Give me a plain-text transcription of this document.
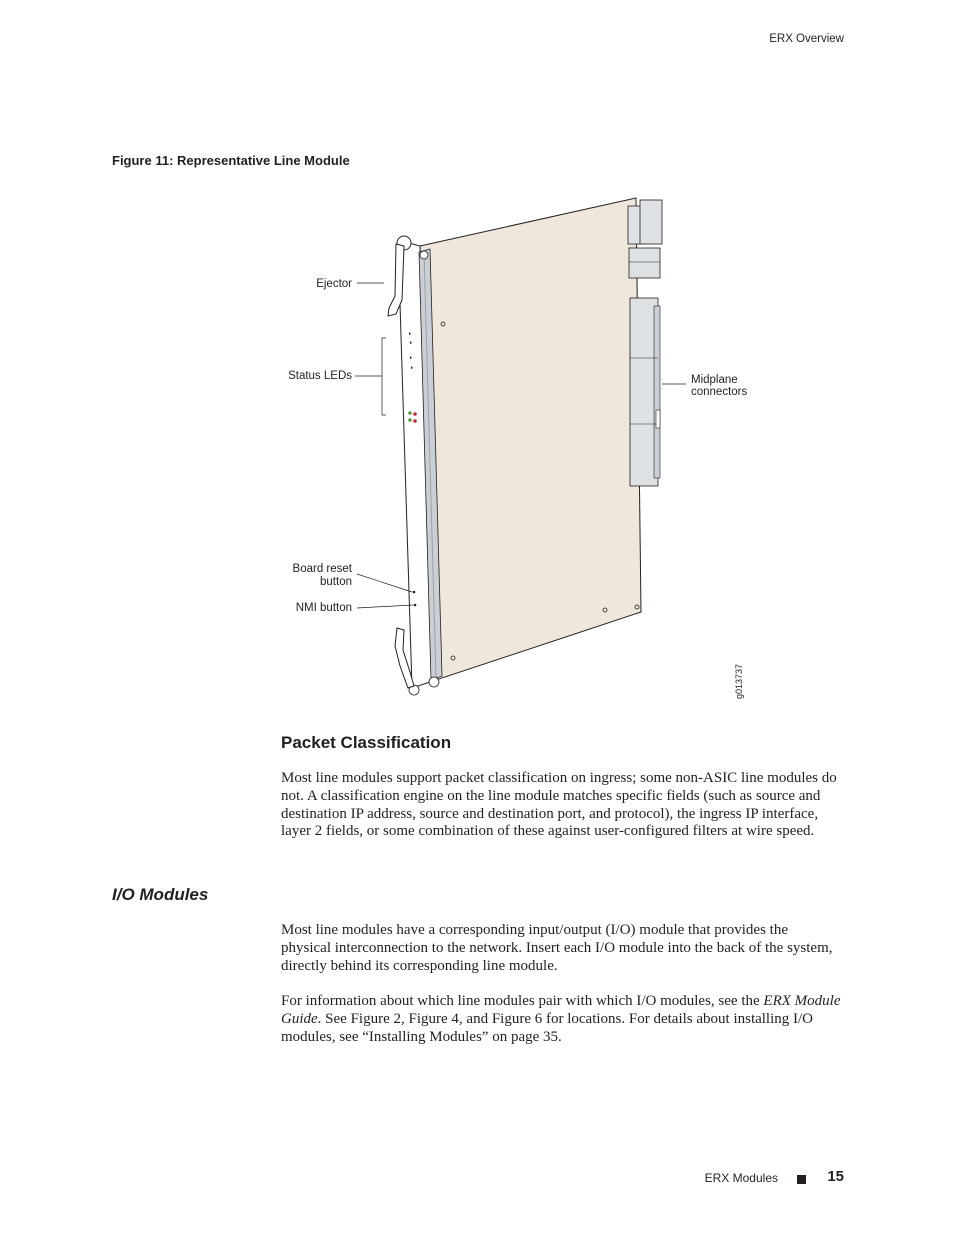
ERX Overview
Figure 11: Representative Line Module
Ejector
Status LEDs
Board reset
button
NMI button
Midplane
connectors
g013737
Packet Classification

Most line modules support packet classification on ingress; some non-ASIC line modules do not. A classification engine on the line module matches specific fields (such as source and destination IP address, source and destination port, and protocol), the ingress IP interface, layer 2 fields, or some combination of these against user-configured filters at wire speed.

I/O Modules

Most line modules have a corresponding input/output (I/O) module that provides the physical interconnection to the network. Insert each I/O module into the back of the system, directly behind its corresponding line module.

For information about which line modules pair with which I/O modules, see the ERX Module Guide. See Figure 2, Figure 4, and Figure 6 for locations. For details about installing I/O modules, see “Installing Modules” on page 35.

ERX Modules	15
